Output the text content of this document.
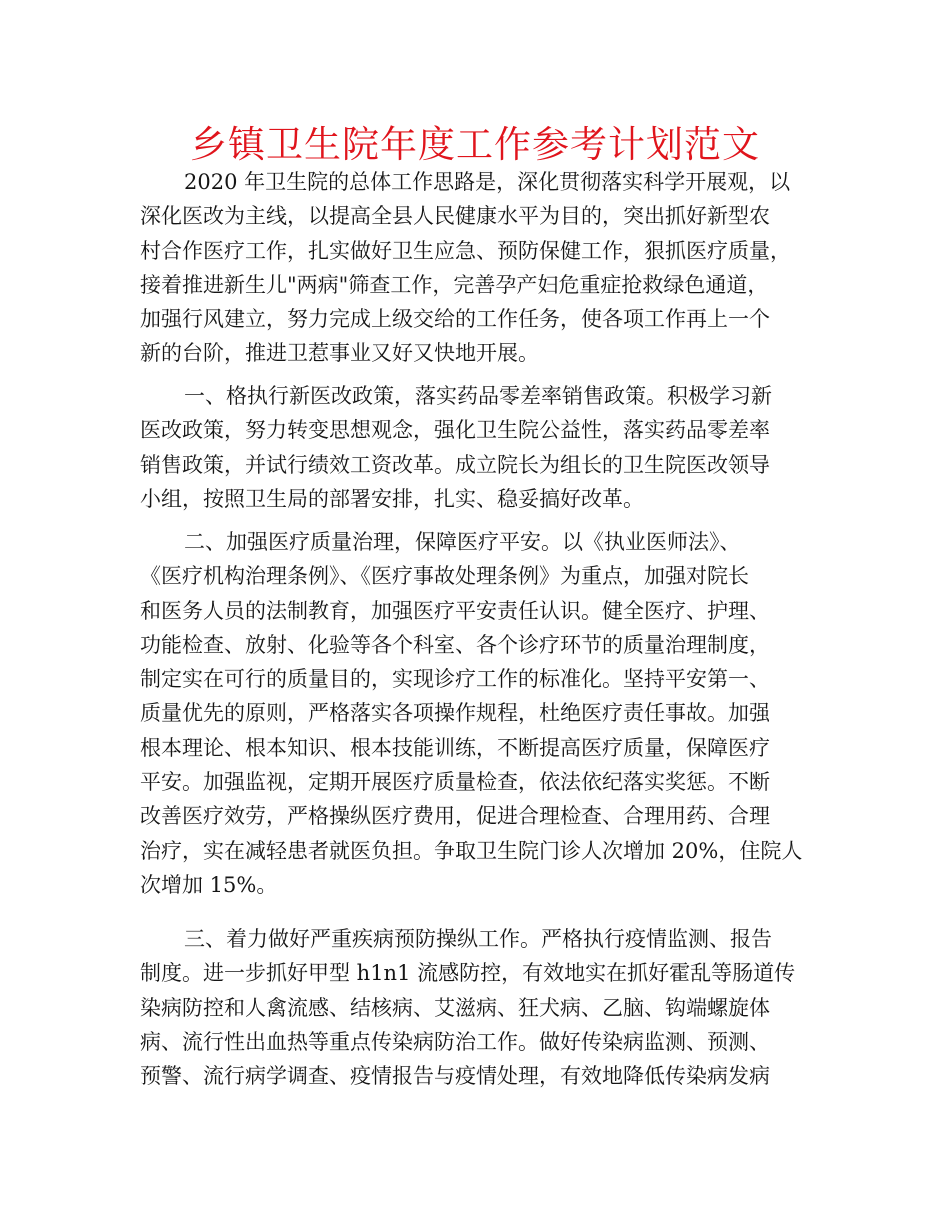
乡镇卫生院年度工作参考计划范文

2020 年卫生院的总体工作思路是，深化贯彻落实科学开展观，以
深化医改为主线，以提高全县人民健康水平为目的，突出抓好新型农
村合作医疗工作，扎实做好卫生应急、预防保健工作，狠抓医疗质量，
接着推进新生儿"两病"筛查工作，完善孕产妇危重症抢救绿色通道，
加强行风建立，努力完成上级交给的工作任务，使各项工作再上一个
新的台阶，推进卫惹事业又好又快地开展。

一、格执行新医改政策，落实药品零差率销售政策。积极学习新
医改政策，努力转变思想观念，强化卫生院公益性，落实药品零差率
销售政策，并试行绩效工资改革。成立院长为组长的卫生院医改领导
小组，按照卫生局的部署安排，扎实、稳妥搞好改革。

二、加强医疗质量治理，保障医疗平安。以《执业医师法》、
《医疗机构治理条例》、《医疗事故处理条例》为重点，加强对院长
和医务人员的法制教育，加强医疗平安责任认识。健全医疗、护理、
功能检查、放射、化验等各个科室、各个诊疗环节的质量治理制度，
制定实在可行的质量目的，实现诊疗工作的标准化。坚持平安第一、
质量优先的原则，严格落实各项操作规程，杜绝医疗责任事故。加强
根本理论、根本知识、根本技能训练，不断提高医疗质量，保障医疗
平安。加强监视，定期开展医疗质量检查，依法依纪落实奖惩。不断
改善医疗效劳，严格操纵医疗费用，促进合理检查、合理用药、合理
治疗，实在减轻患者就医负担。争取卫生院门诊人次增加 20%，住院人
次增加 15%。

三、着力做好严重疾病预防操纵工作。严格执行疫情监测、报告
制度。进一步抓好甲型 h1n1 流感防控，有效地实在抓好霍乱等肠道传
染病防控和人禽流感、结核病、艾滋病、狂犬病、乙脑、钩端螺旋体
病、流行性出血热等重点传染病防治工作。做好传染病监测、预测、
预警、流行病学调查、疫情报告与疫情处理，有效地降低传染病发病
